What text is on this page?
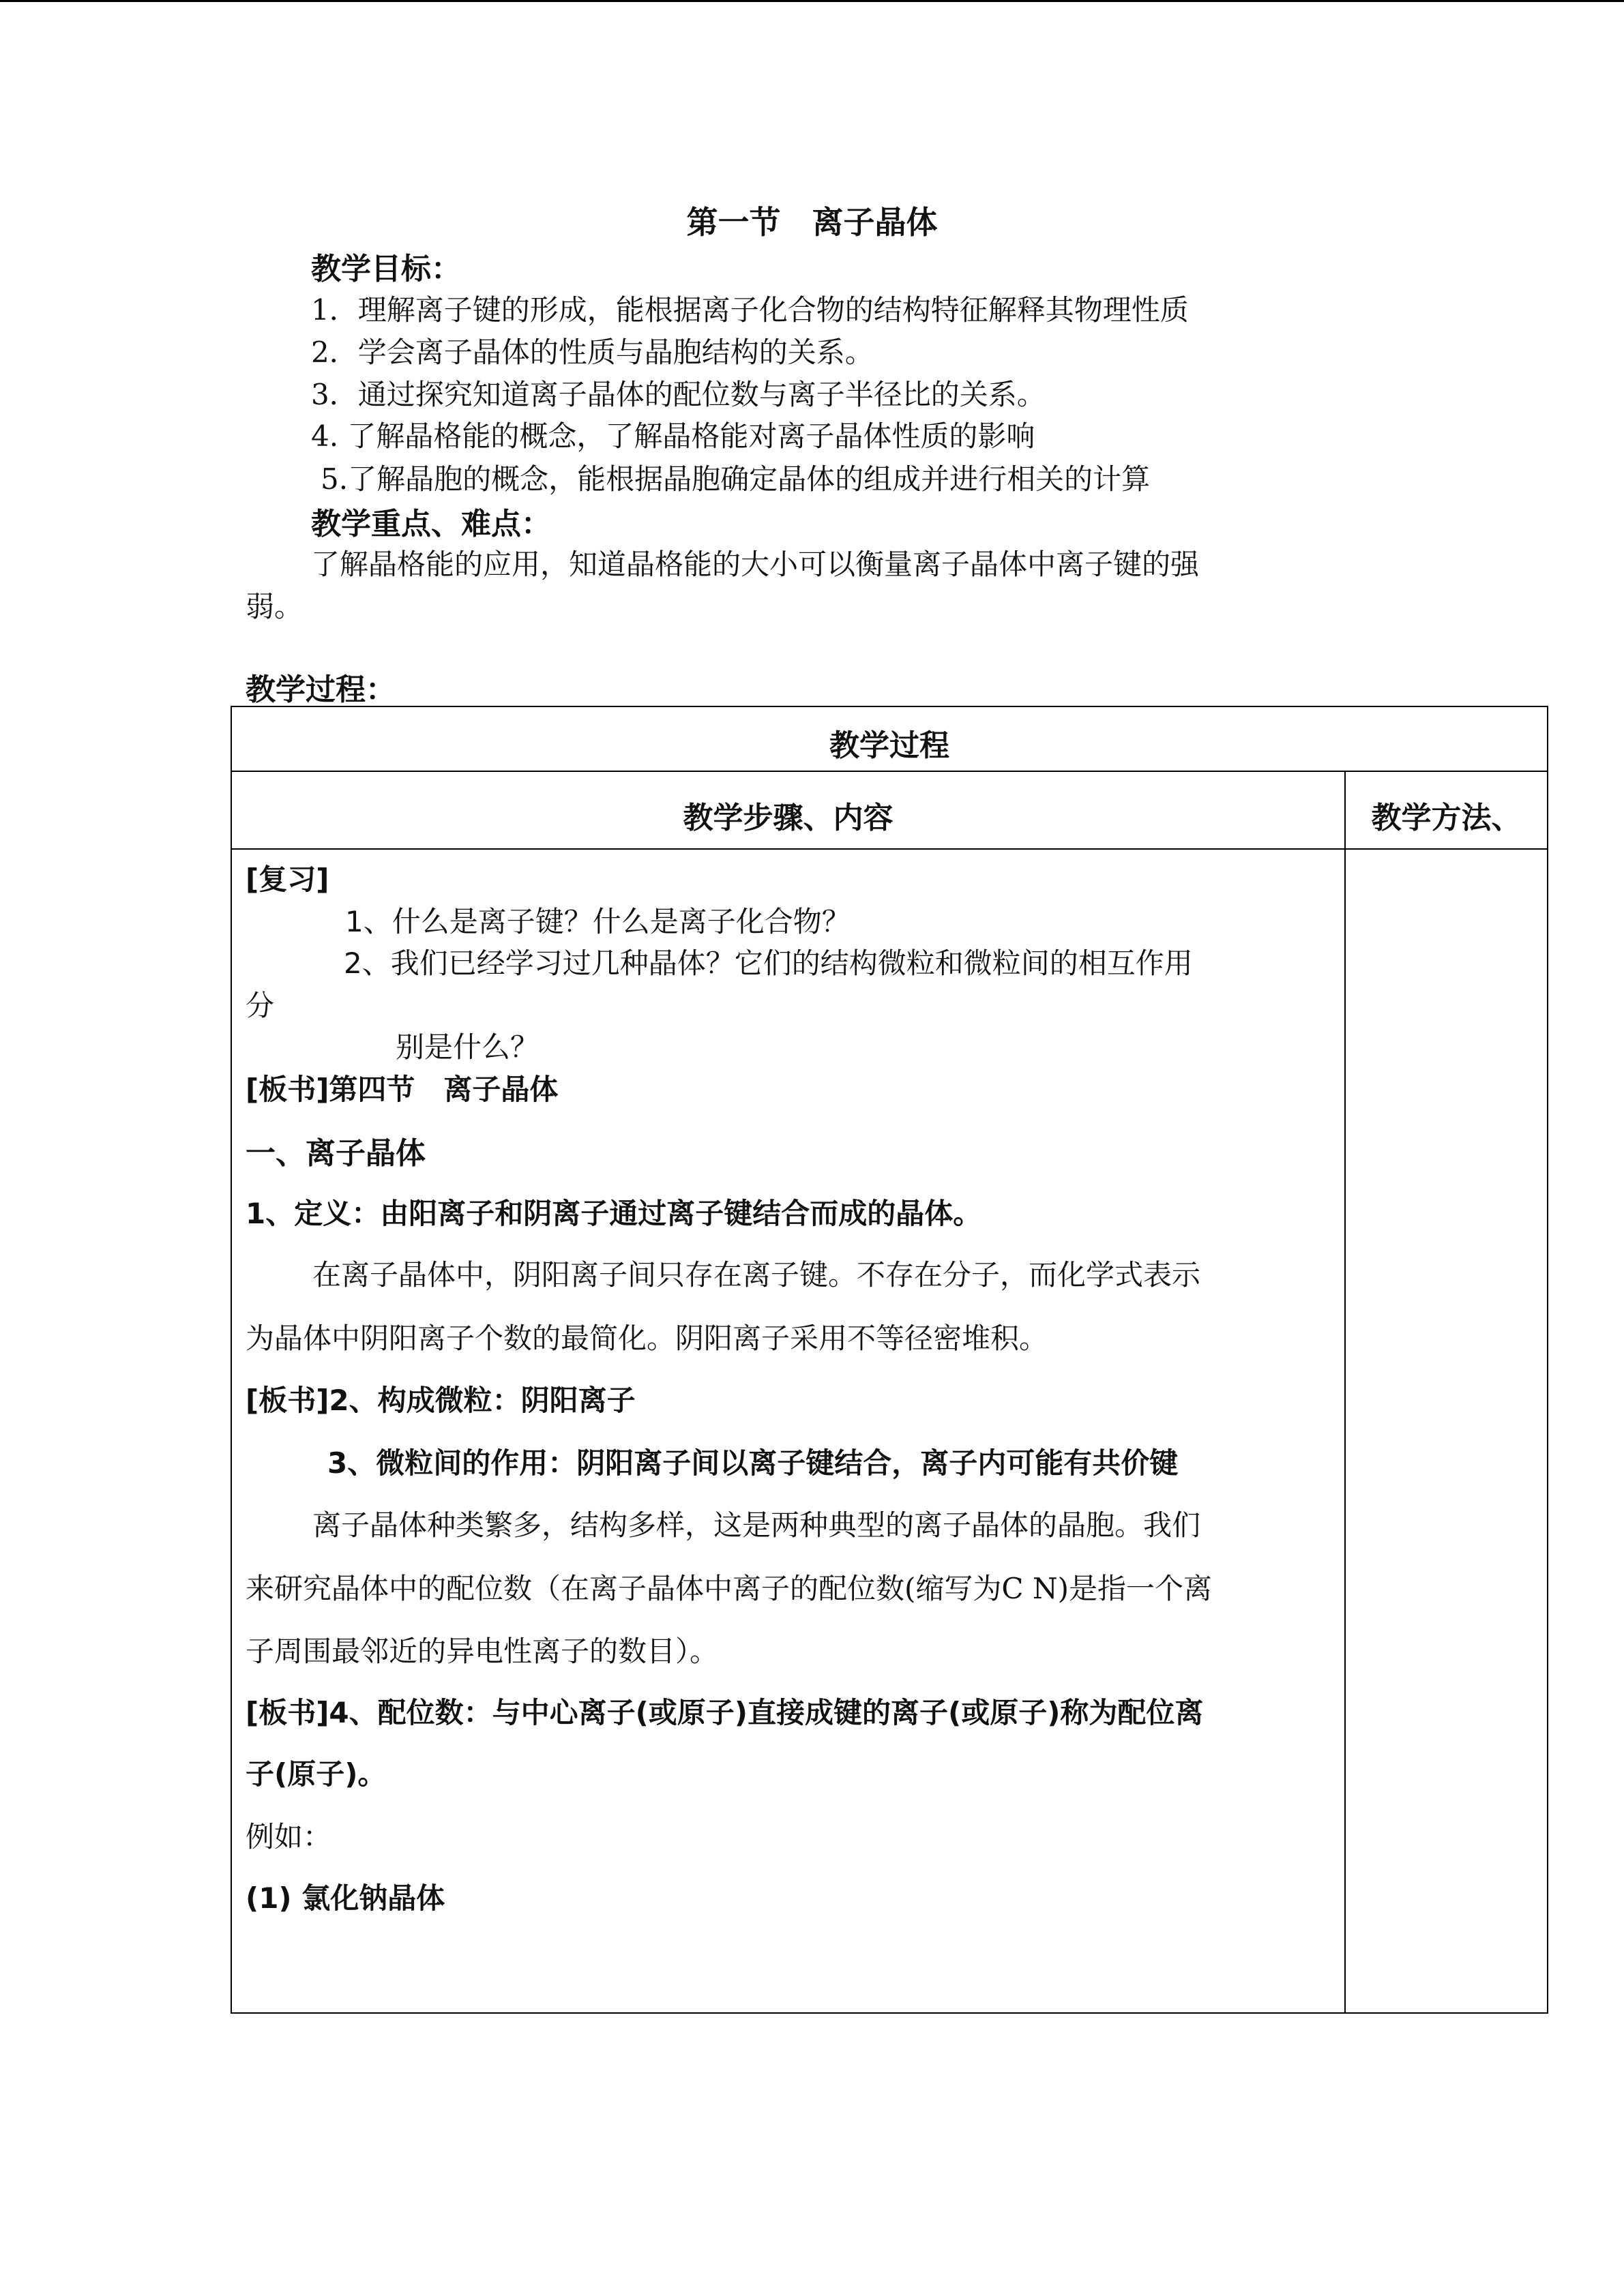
第一节　离子晶体
教学目标：
1．理解离子键的形成，能根据离子化合物的结构特征解释其物理性质
2．学会离子晶体的性质与晶胞结构的关系。
3．通过探究知道离子晶体的配位数与离子半径比的关系。
4. 了解晶格能的概念，了解晶格能对离子晶体性质的影响
5.了解晶胞的概念，能根据晶胞确定晶体的组成并进行相关的计算
教学重点、难点：
了解晶格能的应用，知道晶格能的大小可以衡量离子晶体中离子键的强
弱。
教学过程：
教学过程
教学步骤、内容	教学方法、
[复习]
1、什么是离子键？什么是离子化合物？
2、我们已经学习过几种晶体？它们的结构微粒和微粒间的相互作用
分
别是什么？
[板书]第四节　离子晶体
一、离子晶体
1、定义：由阳离子和阴离子通过离子键结合而成的晶体。
在离子晶体中，阴阳离子间只存在离子键。不存在分子，而化学式表示
为晶体中阴阳离子个数的最简化。阴阳离子采用不等径密堆积。
[板书]2、构成微粒：阴阳离子
3、微粒间的作用：阴阳离子间以离子键结合，离子内可能有共价键
离子晶体种类繁多，结构多样，这是两种典型的离子晶体的晶胞。我们
来研究晶体中的配位数（在离子晶体中离子的配位数(缩写为C N)是指一个离
子周围最邻近的异电性离子的数目）。
[板书]4、配位数：与中心离子(或原子)直接成键的离子(或原子)称为配位离
子(原子)。
例如：
(1) 氯化钠晶体
